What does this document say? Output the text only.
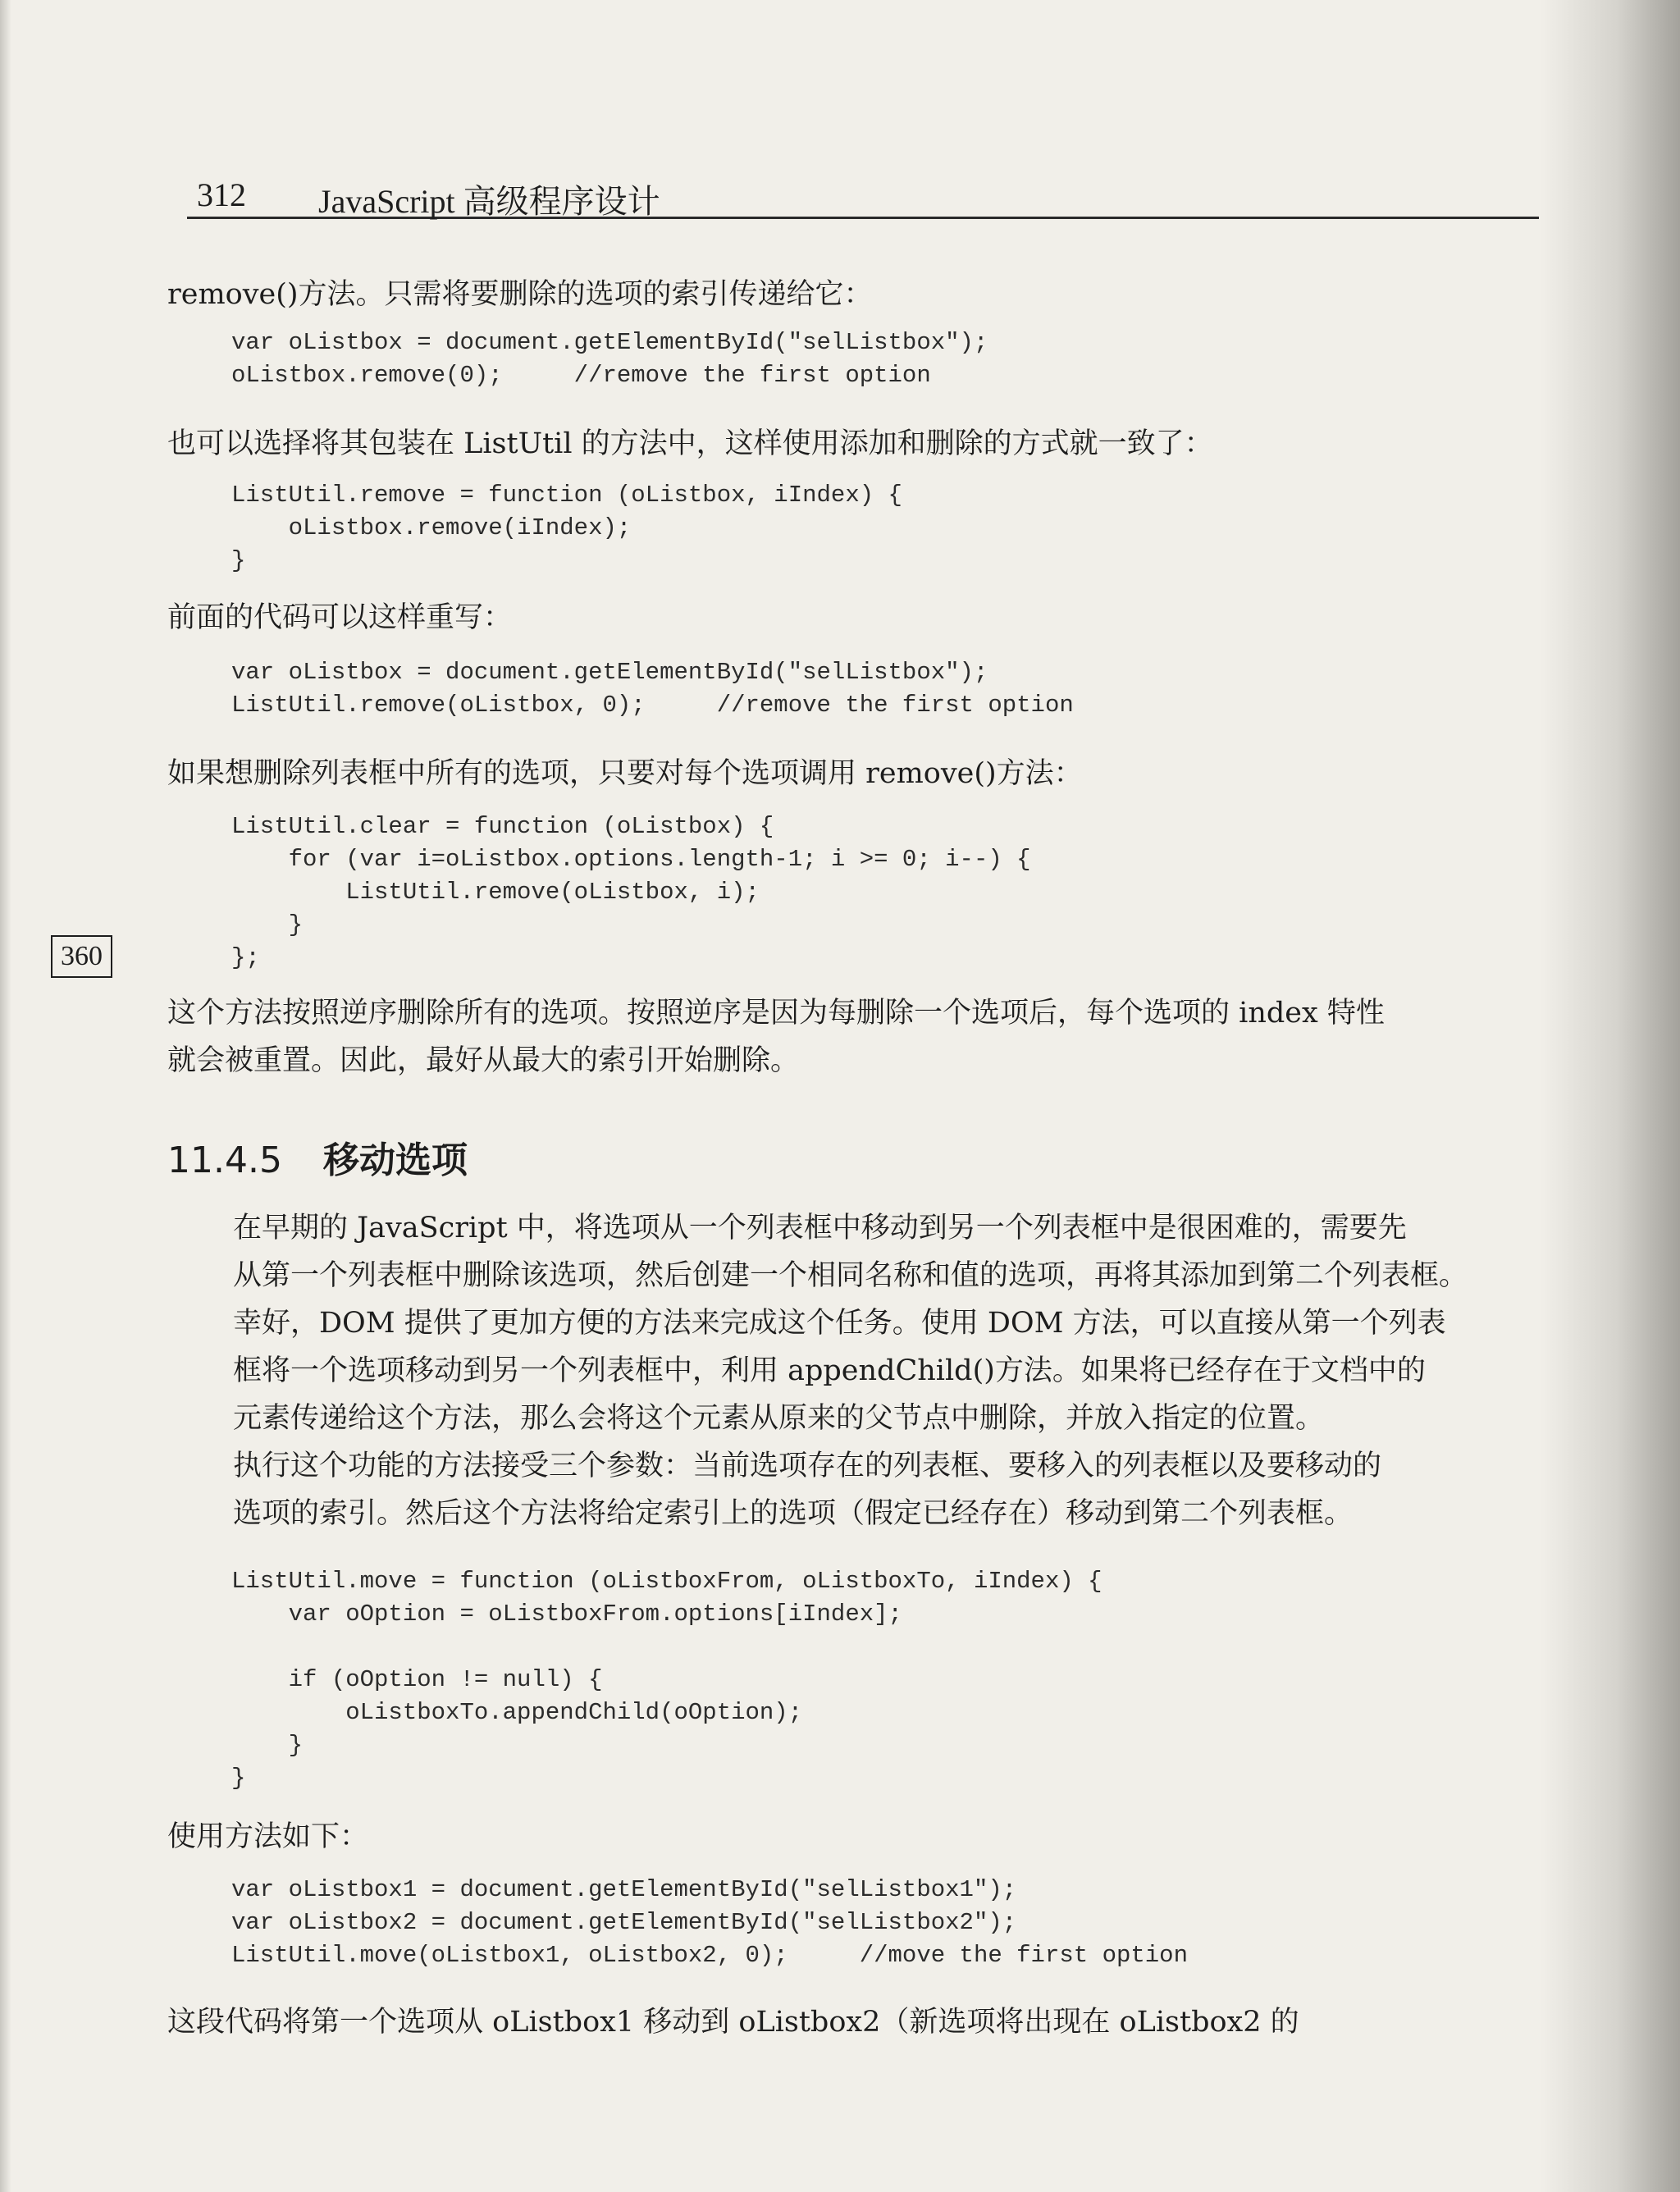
312 JavaScript 高级程序设计
360
11.4.5 移动选项
remove()方法。只需将要删除的选项的索引传递给它：
var oListbox = document.getElementById("selListbox");
oListbox.remove(0);     //remove the first option
也可以选择将其包装在 ListUtil 的方法中，这样使用添加和删除的方式就一致了：
ListUtil.remove = function (oListbox, iIndex) {
oListbox.remove(iIndex);
}
前面的代码可以这样重写：
var oListbox = document.getElementById("selListbox");
ListUtil.remove(oListbox, 0);     //remove the first option
如果想删除列表框中所有的选项，只要对每个选项调用 remove()方法：
ListUtil.clear = function (oListbox) {
for (var i=oListbox.options.length-1; i >= 0; i--) {
ListUtil.remove(oListbox, i);
}
};
这个方法按照逆序删除所有的选项。按照逆序是因为每删除一个选项后，每个选项的 index 特性
就会被重置。因此，最好从最大的索引开始删除。
在早期的 JavaScript 中，将选项从一个列表框中移动到另一个列表框中是很困难的，需要先
从第一个列表框中删除该选项，然后创建一个相同名称和值的选项，再将其添加到第二个列表框。
幸好，DOM 提供了更加方便的方法来完成这个任务。使用 DOM 方法，可以直接从第一个列表
框将一个选项移动到另一个列表框中，利用 appendChild()方法。如果将已经存在于文档中的
元素传递给这个方法，那么会将这个元素从原来的父节点中删除，并放入指定的位置。
执行这个功能的方法接受三个参数：当前选项存在的列表框、要移入的列表框以及要移动的
选项的索引。然后这个方法将给定索引上的选项（假定已经存在）移动到第二个列表框。
ListUtil.move = function (oListboxFrom, oListboxTo, iIndex) {
var oOption = oListboxFrom.options[iIndex];
if (oOption != null) {
oListboxTo.appendChild(oOption);
}
}
使用方法如下：
var oListbox1 = document.getElementById("selListbox1");
var oListbox2 = document.getElementById("selListbox2");
ListUtil.move(oListbox1, oListbox2, 0);     //move the first option
这段代码将第一个选项从 oListbox1 移动到 oListbox2（新选项将出现在 oListbox2 的
